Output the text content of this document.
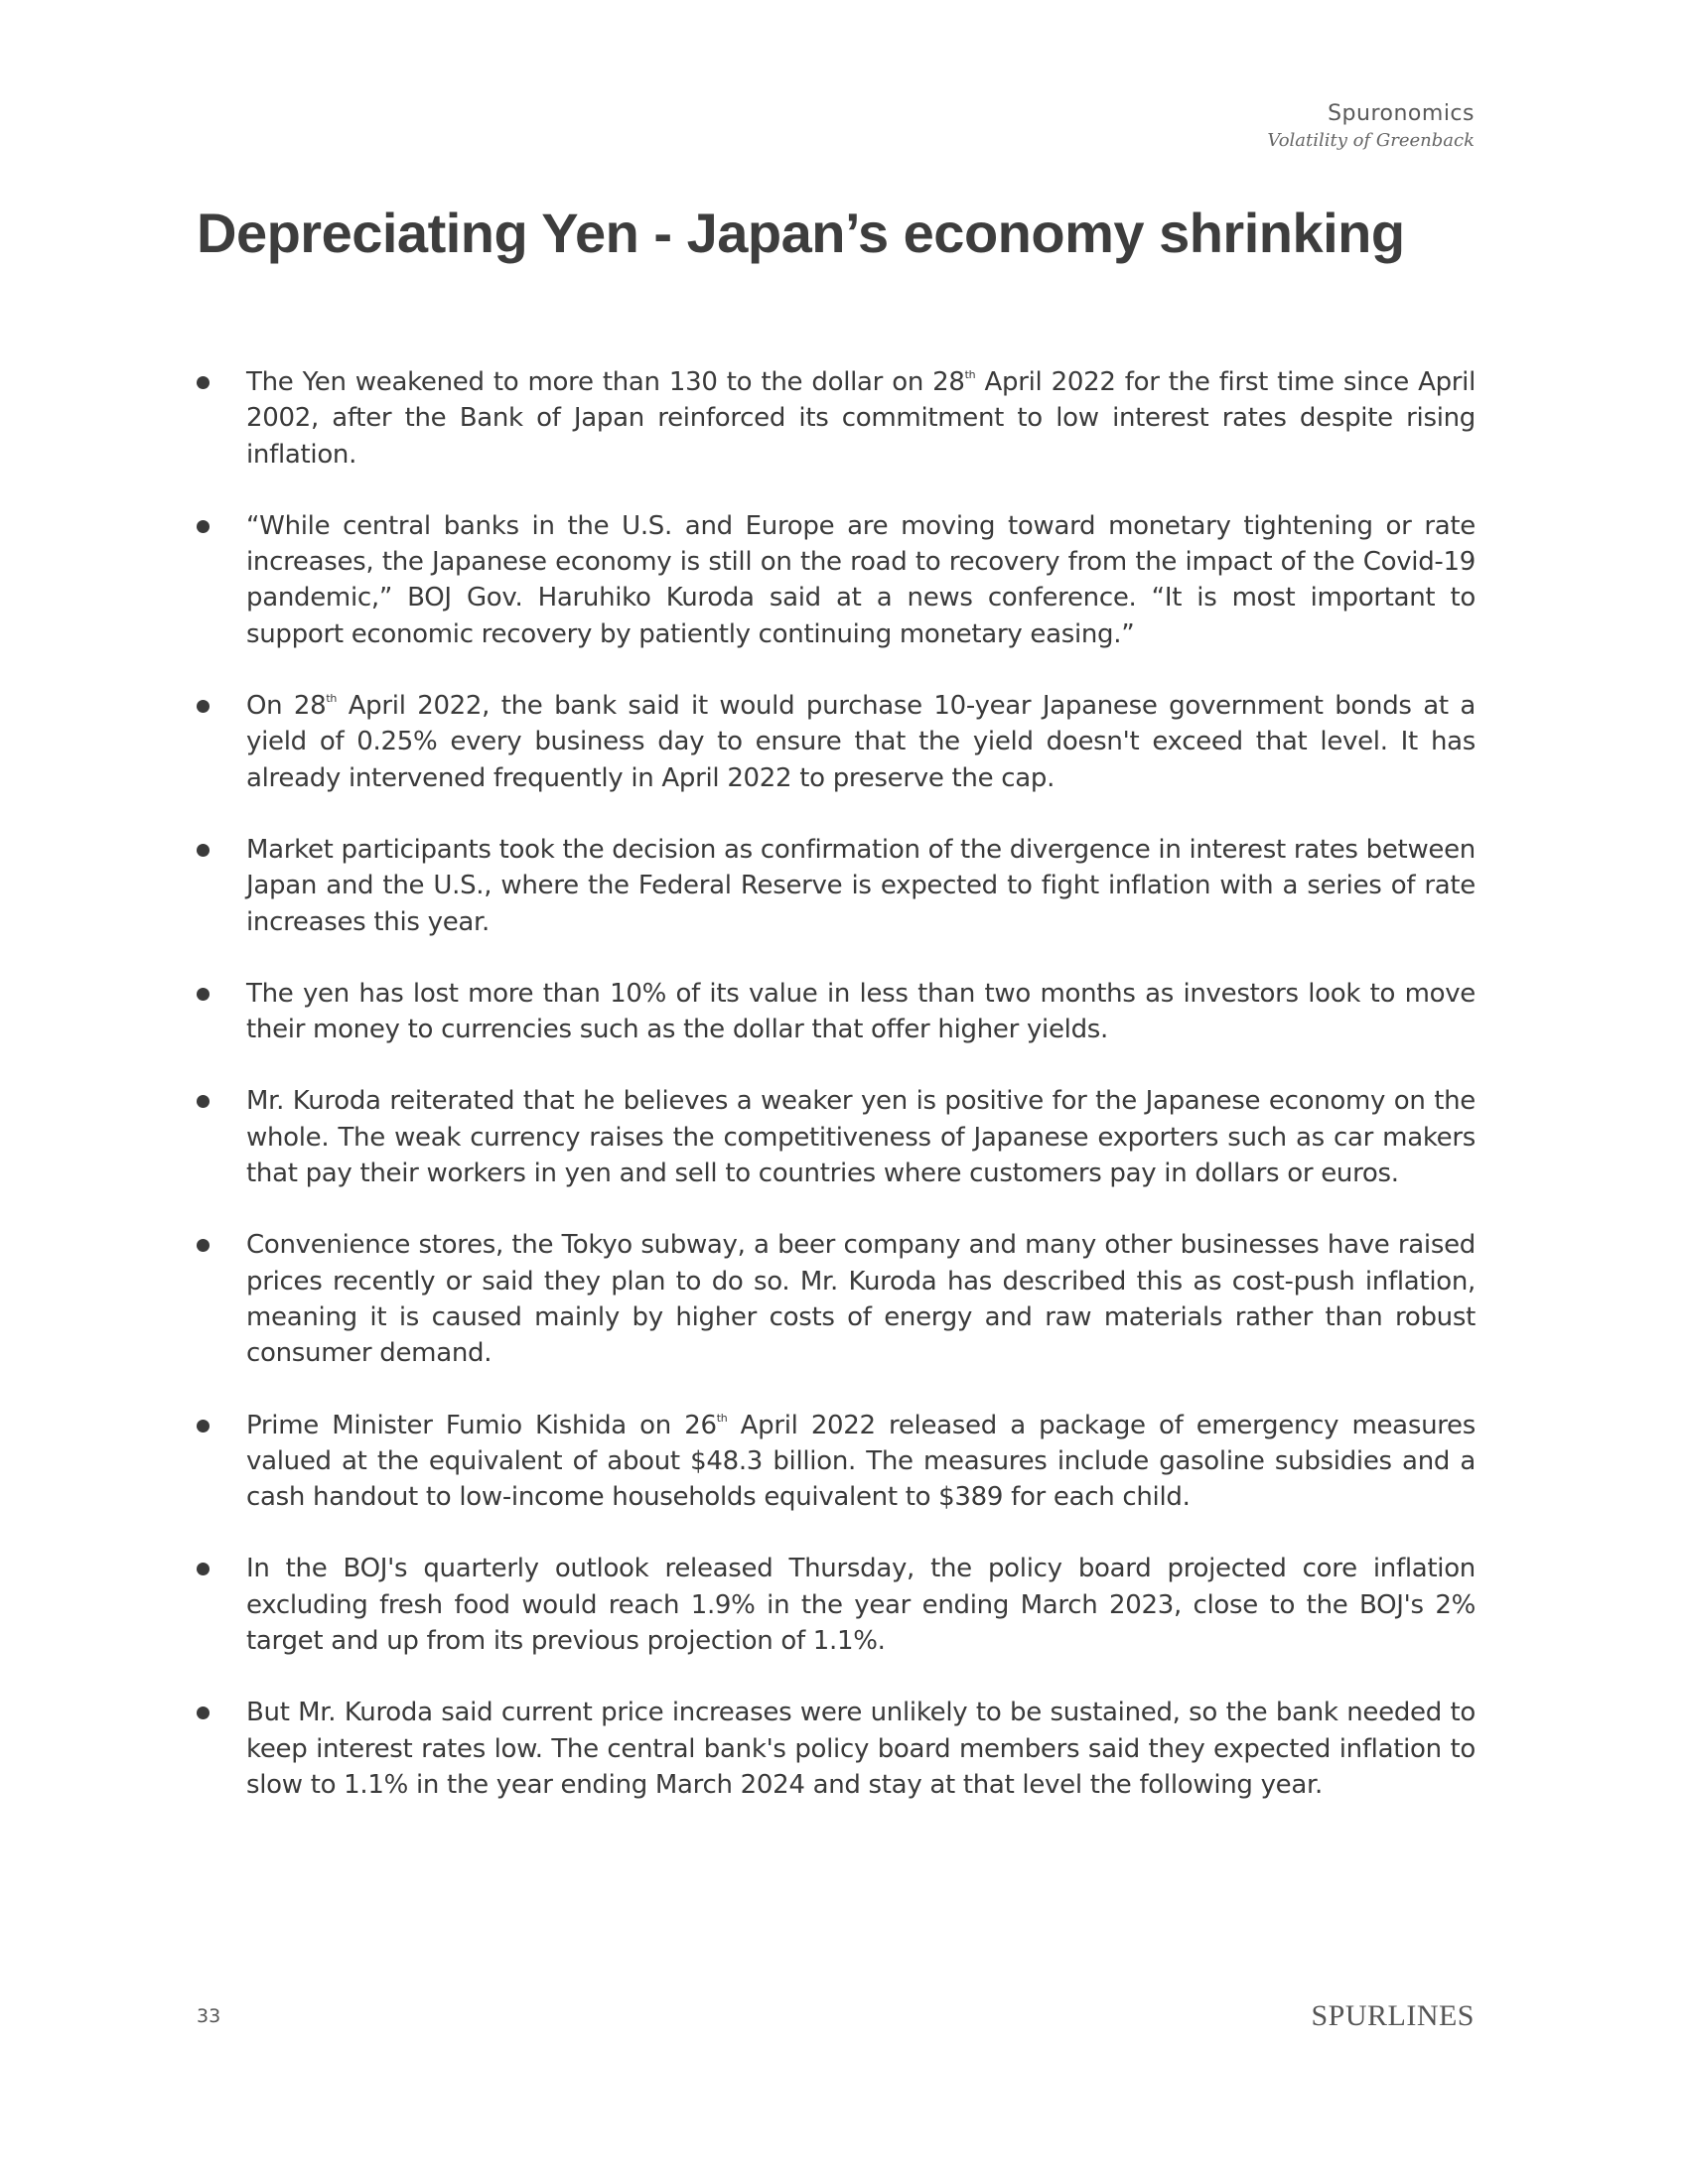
Spuronomics
Volatility of Greenback
Depreciating Yen - Japan’s economy shrinking
The Yen weakened to more than 130 to the dollar on 28th April 2022 for the first time since April 2002, after the Bank of Japan reinforced its commitment to low interest rates despite rising inflation.
“While central banks in the U.S. and Europe are moving toward monetary tightening or rate increases, the Japanese economy is still on the road to recovery from the impact of the Covid-19 pandemic,” BOJ Gov. Haruhiko Kuroda said at a news conference. “It is most important to support economic recovery by patiently continuing monetary easing.”
On 28th April 2022, the bank said it would purchase 10-year Japanese government bonds at a yield of 0.25% every business day to ensure that the yield doesn't exceed that level. It has already intervened frequently in April 2022 to preserve the cap.
Market participants took the decision as confirmation of the divergence in interest rates between Japan and the U.S., where the Federal Reserve is expected to fight inflation with a series of rate increases this year.
The yen has lost more than 10% of its value in less than two months as investors look to move their money to currencies such as the dollar that offer higher yields.
Mr. Kuroda reiterated that he believes a weaker yen is positive for the Japanese economy on the whole. The weak currency raises the competitiveness of Japanese exporters such as car makers that pay their workers in yen and sell to countries where customers pay in dollars or euros.
Convenience stores, the Tokyo subway, a beer company and many other businesses have raised prices recently or said they plan to do so. Mr. Kuroda has described this as cost-push inflation, meaning it is caused mainly by higher costs of energy and raw materials rather than robust consumer demand.
Prime Minister Fumio Kishida on 26th April 2022 released a package of emergency measures valued at the equivalent of about $48.3 billion. The measures include gasoline subsidies and a cash handout to low-income households equivalent to $389 for each child.
In the BOJ's quarterly outlook released Thursday, the policy board projected core inflation excluding fresh food would reach 1.9% in the year ending March 2023, close to the BOJ's 2% target and up from its previous projection of 1.1%.
But Mr. Kuroda said current price increases were unlikely to be sustained, so the bank needed to keep interest rates low. The central bank's policy board members said they expected inflation to slow to 1.1% in the year ending March 2024 and stay at that level the following year.
33	SPURLINES
